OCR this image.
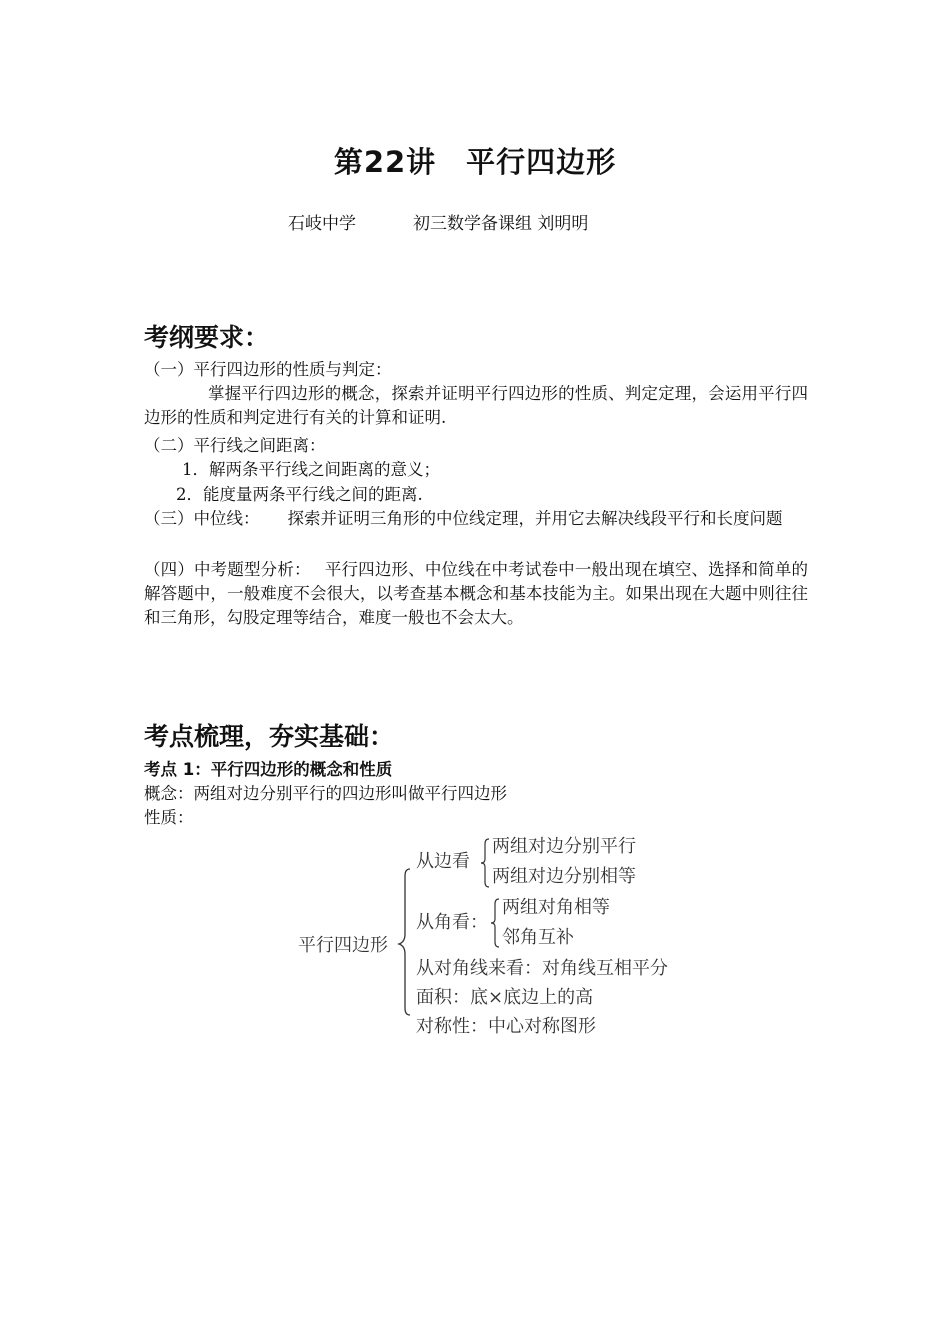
第22讲　平行四边形
石岐中学	初三数学备课组 刘明明
考纲要求：
（一）平行四边形的性质与判定：
掌握平行四边形的概念，探索并证明平行四边形的性质、判定定理，会运用平行四边形的性质和判定进行有关的计算和证明.
（二）平行线之间距离：
1．解两条平行线之间距离的意义；
2．能度量两条平行线之间的距离.
（三）中位线： 探索并证明三角形的中位线定理，并用它去解决线段平行和长度问题
（四）中考题型分析： 平行四边形、中位线在中考试卷中一般出现在填空、选择和简单的解答题中，一般难度不会很大，以考查基本概念和基本技能为主。如果出现在大题中则往往和三角形，勾股定理等结合，难度一般也不会太大。
考点梳理，夯实基础：
考点 1：平行四边形的概念和性质
概念：两组对边分别平行的四边形叫做平行四边形
性质：
平行四边形
从边看
两组对边分别平行
两组对边分别相等
从角看：
两组对角相等
邻角互补
从对角线来看：对角线互相平分
面积：底×底边上的高
对称性：中心对称图形
